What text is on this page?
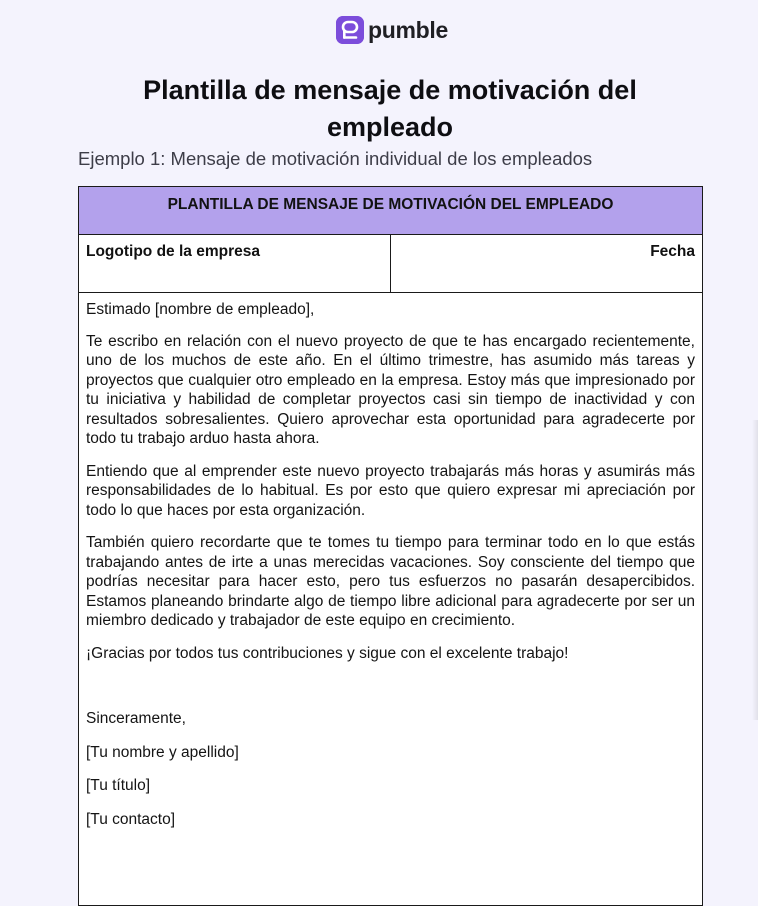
pumble
Plantilla de mensaje de motivación del empleado

Ejemplo 1: Mensaje de motivación individual de los empleados

PLANTILLA DE MENSAJE DE MOTIVACIÓN DEL EMPLEADO
Logotipo de la empresa	Fecha

Estimado [nombre de empleado],

Te escribo en relación con el nuevo proyecto de que te has encargado recientemente, uno de los muchos de este año. En el último trimestre, has asumido más tareas y proyectos que cualquier otro empleado en la empresa. Estoy más que impresionado por tu iniciativa y habilidad de completar proyectos casi sin tiempo de inactividad y con resultados sobresalientes. Quiero aprovechar esta oportunidad para agradecerte por todo tu trabajo arduo hasta ahora.

Entiendo que al emprender este nuevo proyecto trabajarás más horas y asumirás más responsabilidades de lo habitual. Es por esto que quiero expresar mi apreciación por todo lo que haces por esta organización.

También quiero recordarte que te tomes tu tiempo para terminar todo en lo que estás trabajando antes de irte a unas merecidas vacaciones. Soy consciente del tiempo que podrías necesitar para hacer esto, pero tus esfuerzos no pasarán desapercibidos. Estamos planeando brindarte algo de tiempo libre adicional para agradecerte por ser un miembro dedicado y trabajador de este equipo en crecimiento.

¡Gracias por todos tus contribuciones y sigue con el excelente trabajo!

Sinceramente,

[Tu nombre y apellido]

[Tu título]

[Tu contacto]
